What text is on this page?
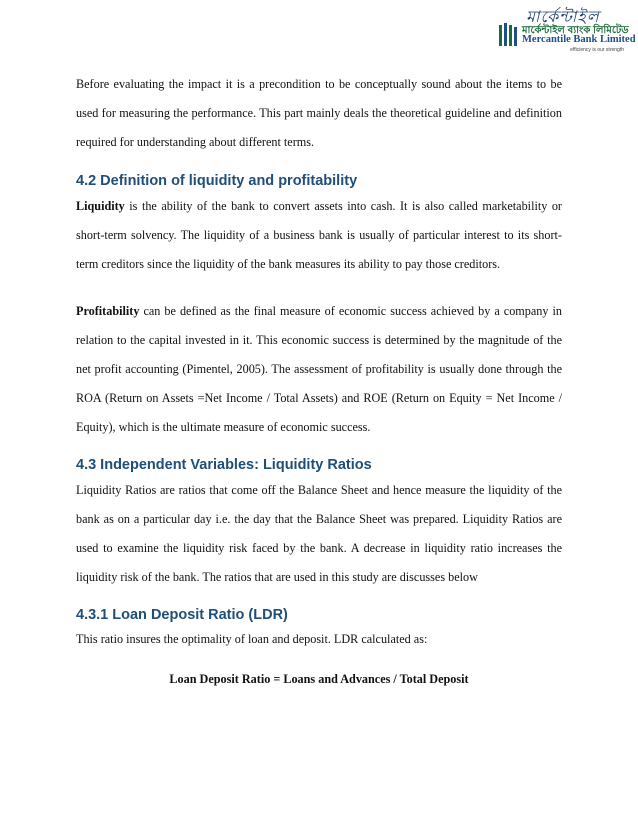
মার্কেন্টাইল
মার্কেন্টাইল ব্যাংক লিমিটেড
Mercantile Bank Limited
efficiency is our strength

Before evaluating the impact it is a precondition to be conceptually sound about the items to be used for measuring the performance. This part mainly deals the theoretical guideline and definition required for understanding about different terms.

4.2 Definition of liquidity and profitability

Liquidity is the ability of the bank to convert assets into cash. It is also called marketability or short-term solvency. The liquidity of a business bank is usually of particular interest to its short-term creditors since the liquidity of the bank measures its ability to pay those creditors.

Profitability can be defined as the final measure of economic success achieved by a company in relation to the capital invested in it. This economic success is determined by the magnitude of the net profit accounting (Pimentel, 2005). The assessment of profitability is usually done through the ROA (Return on Assets =Net Income / Total Assets) and ROE (Return on Equity = Net Income / Equity), which is the ultimate measure of economic success.

4.3 Independent Variables: Liquidity Ratios

Liquidity Ratios are ratios that come off the Balance Sheet and hence measure the liquidity of the bank as on a particular day i.e. the day that the Balance Sheet was prepared. Liquidity Ratios are used to examine the liquidity risk faced by the bank. A decrease in liquidity ratio increases the liquidity risk of the bank. The ratios that are used in this study are discusses below

4.3.1 Loan Deposit Ratio (LDR)

This ratio insures the optimality of loan and deposit. LDR calculated as:

Loan Deposit Ratio = Loans and Advances / Total Deposit
